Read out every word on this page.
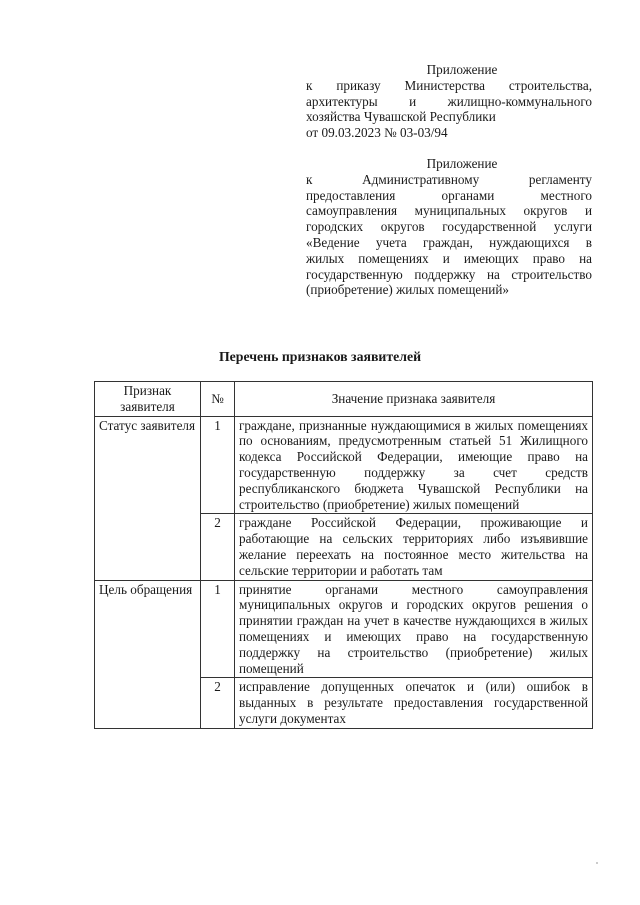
Приложение
к приказу Министерства строительства,
архитектуры и жилищно-коммунального
хозяйства Чувашской Республики
от 09.03.2023 № 03-03/94
Приложение
к Административному регламенту
предоставления органами местного
самоуправления муниципальных округов и
городских округов государственной услуги
«Ведение учета граждан, нуждающихся в
жилых помещениях и имеющих право на
государственную поддержку на строительство
(приобретение) жилых помещений»
Перечень признаков заявителей
Признак заявителя	№	Значение признака заявителя
Статус заявителя	1	граждане, признанные нуждающимися в жилых помещениях по основаниям, предусмотренным статьей 51 Жилищного кодекса Российской Федерации, имеющие право на государственную поддержку за счет средств республиканского бюджета Чувашской Республики на строительство (приобретение) жилых помещений
	2	граждане Российской Федерации, проживающие и работающие на сельских территориях либо изъявившие желание переехать на постоянное место жительства на сельские территории и работать там
Цель обращения	1	принятие органами местного самоуправления муниципальных округов и городских округов решения о принятии граждан на учет в качестве нуждающихся в жилых помещениях и имеющих право на государственную поддержку на строительство (приобретение) жилых помещений
	2	исправление допущенных опечаток и (или) ошибок в выданных в результате предоставления государственной услуги документах
